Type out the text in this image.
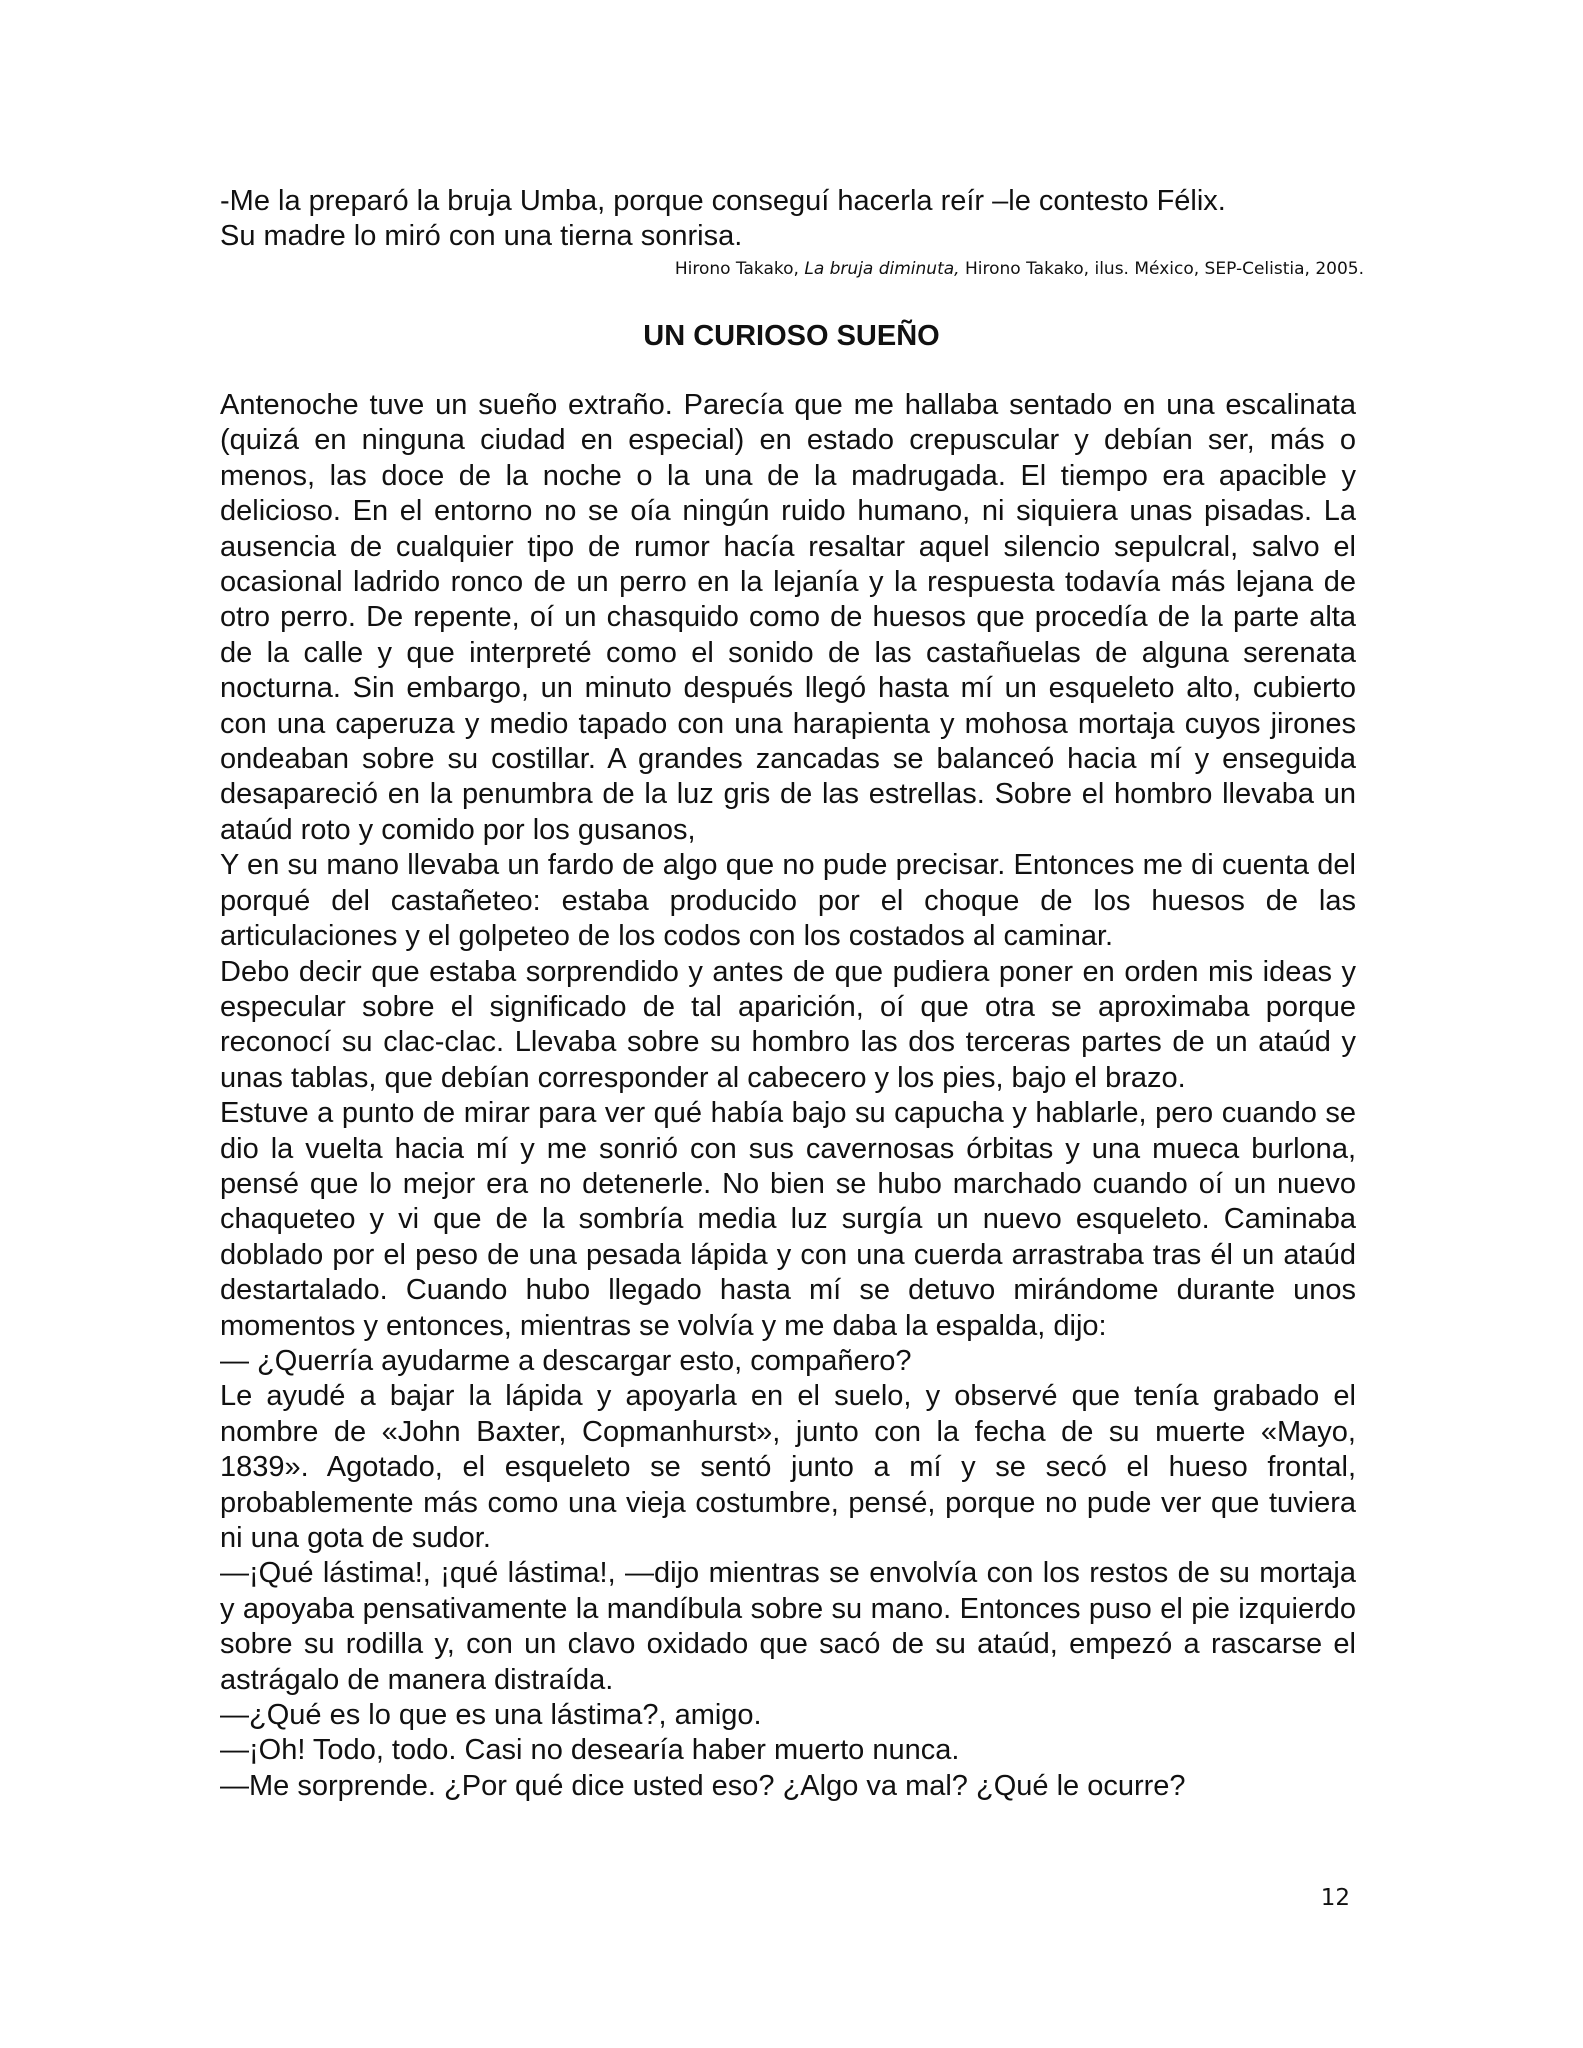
-Me la preparó la bruja Umba, porque conseguí hacerla reír –le contesto Félix.

Su madre lo miró con una tierna sonrisa.

Hirono Takako, La bruja diminuta, Hirono Takako, ilus. México, SEP-Celistia, 2005.
UN CURIOSO SUEÑO

Antenoche tuve un sueño extraño. Parecía que me hallaba sentado en una escalinata (quizá en ninguna ciudad en especial) en estado crepuscular y debían ser, más o menos, las doce de la noche o la una de la madrugada. El tiempo era apacible y delicioso. En el entorno no se oía ningún ruido humano, ni siquiera unas pisadas. La ausencia de cualquier tipo de rumor hacía resaltar aquel silencio sepulcral, salvo el ocasional ladrido ronco de un perro en la lejanía y la respuesta todavía más lejana de otro perro. De repente, oí un chasquido como de huesos que procedía de la parte alta de la calle y que interpreté como el sonido de las castañuelas de alguna serenata nocturna. Sin embargo, un minuto después llegó hasta mí un esqueleto alto, cubierto con una caperuza y medio tapado con una harapienta y mohosa mortaja cuyos jirones ondeaban sobre su costillar. A grandes zancadas se balanceó hacia mí y enseguida desapareció en la penumbra de la luz gris de las estrellas. Sobre el hombro llevaba un ataúd roto y comido por los gusanos,

Y en su mano llevaba un fardo de algo que no pude precisar. Entonces me di cuenta del porqué del castañeteo: estaba producido por el choque de los huesos de las articulaciones y el golpeteo de los codos con los costados al caminar.

Debo decir que estaba sorprendido y antes de que pudiera poner en orden mis ideas y especular sobre el significado de tal aparición, oí que otra se aproximaba porque reconocí su clac-clac. Llevaba sobre su hombro las dos terceras partes de un ataúd y unas tablas, que debían corresponder al cabecero y los pies, bajo el brazo.

Estuve a punto de mirar para ver qué había bajo su capucha y hablarle, pero cuando se dio la vuelta hacia mí y me sonrió con sus cavernosas órbitas y una mueca burlona, pensé que lo mejor era no detenerle. No bien se hubo marchado cuando oí un nuevo chaqueteo y vi que de la sombría media luz surgía un nuevo esqueleto. Caminaba doblado por el peso de una pesada lápida y con una cuerda arrastraba tras él un ataúd destartalado. Cuando hubo llegado hasta mí se detuvo mirándome durante unos momentos y entonces, mientras se volvía y me daba la espalda, dijo:

— ¿Querría ayudarme a descargar esto, compañero?

Le ayudé a bajar la lápida y apoyarla en el suelo, y observé que tenía grabado el nombre de «John Baxter, Copmanhurst», junto con la fecha de su muerte «Mayo, 1839». Agotado, el esqueleto se sentó junto a mí y se secó el hueso frontal, probablemente más como una vieja costumbre, pensé, porque no pude ver que tuviera ni una gota de sudor.

—¡Qué lástima!, ¡qué lástima!, —dijo mientras se envolvía con los restos de su mortaja y apoyaba pensativamente la mandíbula sobre su mano. Entonces puso el pie izquierdo sobre su rodilla y, con un clavo oxidado que sacó de su ataúd, empezó a rascarse el astrágalo de manera distraída.

—¿Qué es lo que es una lástima?, amigo.

—¡Oh! Todo, todo. Casi no desearía haber muerto nunca.

—Me sorprende. ¿Por qué dice usted eso? ¿Algo va mal? ¿Qué le ocurre?

12
